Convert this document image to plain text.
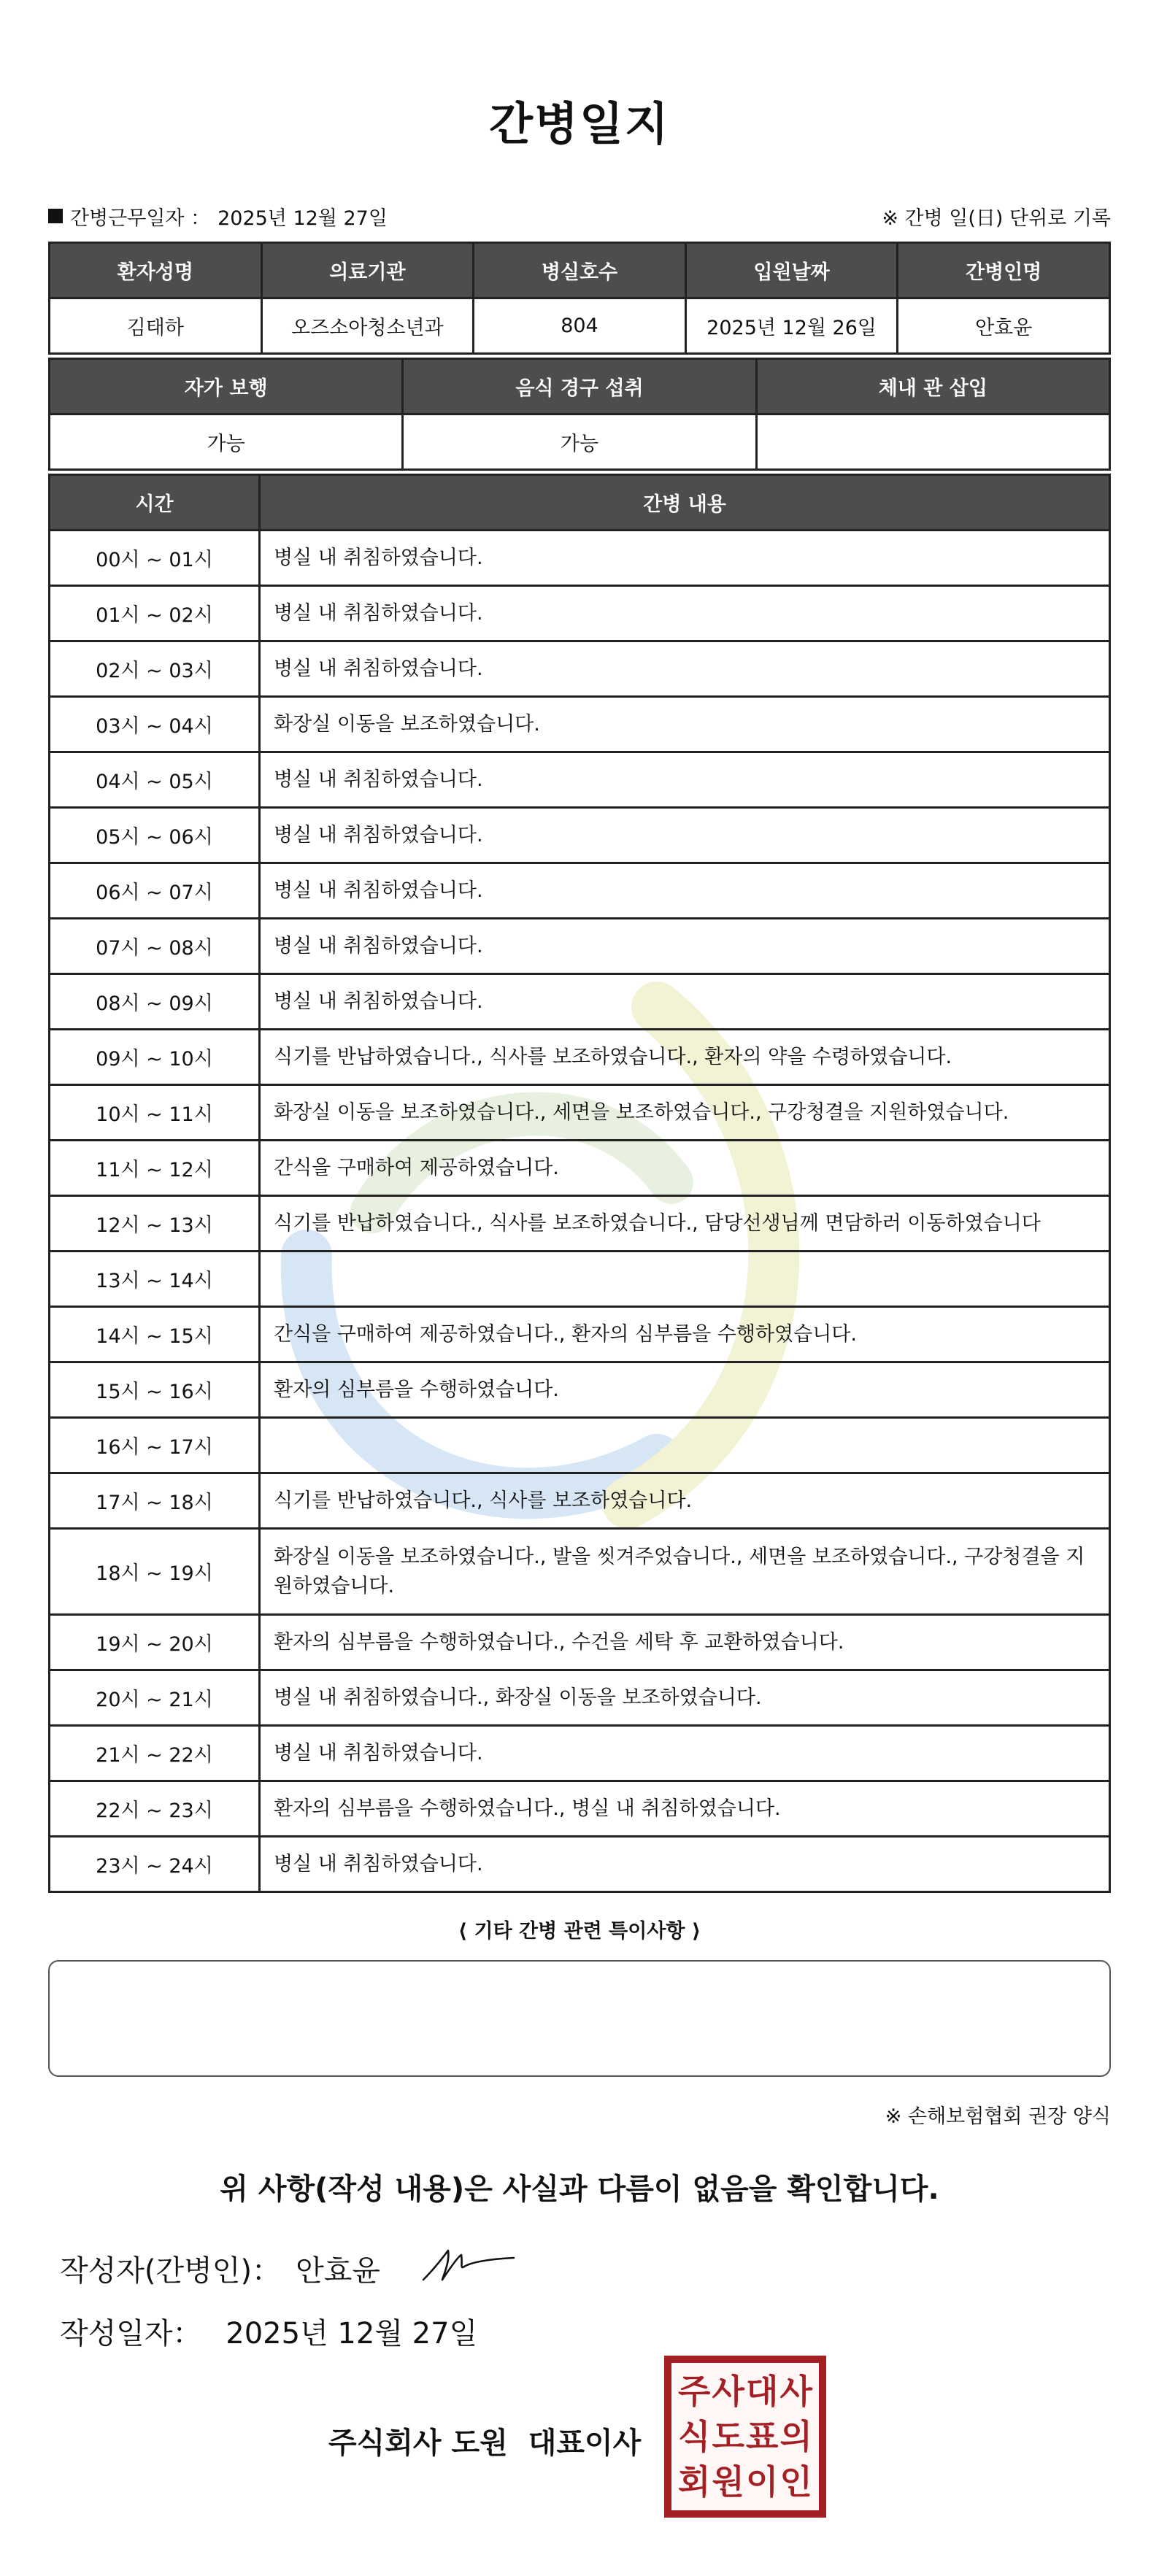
간병일지
간병근무일자 ： 2025년 12월 27일	※ 간병 일(日) 단위로 기록
환자성명	의료기관	병실호수	입원날짜	간병인명
김태하	오즈소아청소년과	804	2025년 12월 26일	안효윤
자가 보행	음식 경구 섭취	체내 관 삽입
가능	가능	
시간	간병 내용
00시 ~ 01시	병실 내 취침하였습니다.
01시 ~ 02시	병실 내 취침하였습니다.
02시 ~ 03시	병실 내 취침하였습니다.
03시 ~ 04시	화장실 이동을 보조하였습니다.
04시 ~ 05시	병실 내 취침하였습니다.
05시 ~ 06시	병실 내 취침하였습니다.
06시 ~ 07시	병실 내 취침하였습니다.
07시 ~ 08시	병실 내 취침하였습니다.
08시 ~ 09시	병실 내 취침하였습니다.
09시 ~ 10시	식기를 반납하였습니다., 식사를 보조하였습니다., 환자의 약을 수령하였습니다.
10시 ~ 11시	화장실 이동을 보조하였습니다., 세면을 보조하였습니다., 구강청결을 지원하였습니다.
11시 ~ 12시	간식을 구매하여 제공하였습니다.
12시 ~ 13시	식기를 반납하였습니다., 식사를 보조하였습니다., 담당선생님께 면담하러 이동하였습니다
13시 ~ 14시	
14시 ~ 15시	간식을 구매하여 제공하였습니다., 환자의 심부름을 수행하였습니다.
15시 ~ 16시	환자의 심부름을 수행하였습니다.
16시 ~ 17시	
17시 ~ 18시	식기를 반납하였습니다., 식사를 보조하였습니다.
18시 ~ 19시	화장실 이동을 보조하였습니다., 발을 씻겨주었습니다., 세면을 보조하였습니다., 구강청결을 지원하였습니다.
19시 ~ 20시	환자의 심부름을 수행하였습니다., 수건을 세탁 후 교환하였습니다.
20시 ~ 21시	병실 내 취침하였습니다., 화장실 이동을 보조하였습니다.
21시 ~ 22시	병실 내 취침하였습니다.
22시 ~ 23시	환자의 심부름을 수행하였습니다., 병실 내 취침하였습니다.
23시 ~ 24시	병실 내 취침하였습니다.
⟨ 기타 간병 관련 특이사항 ⟩
※ 손해보험협회 권장 양식
위 사항(작성 내용)은 사실과 다름이 없음을 확인합니다.
작성자(간병인)： 안효윤
작성일자： 2025년 12월 27일
주식회사 도원 대표이사
주 사 대 사
식 도 표 의
회 원 이 인
